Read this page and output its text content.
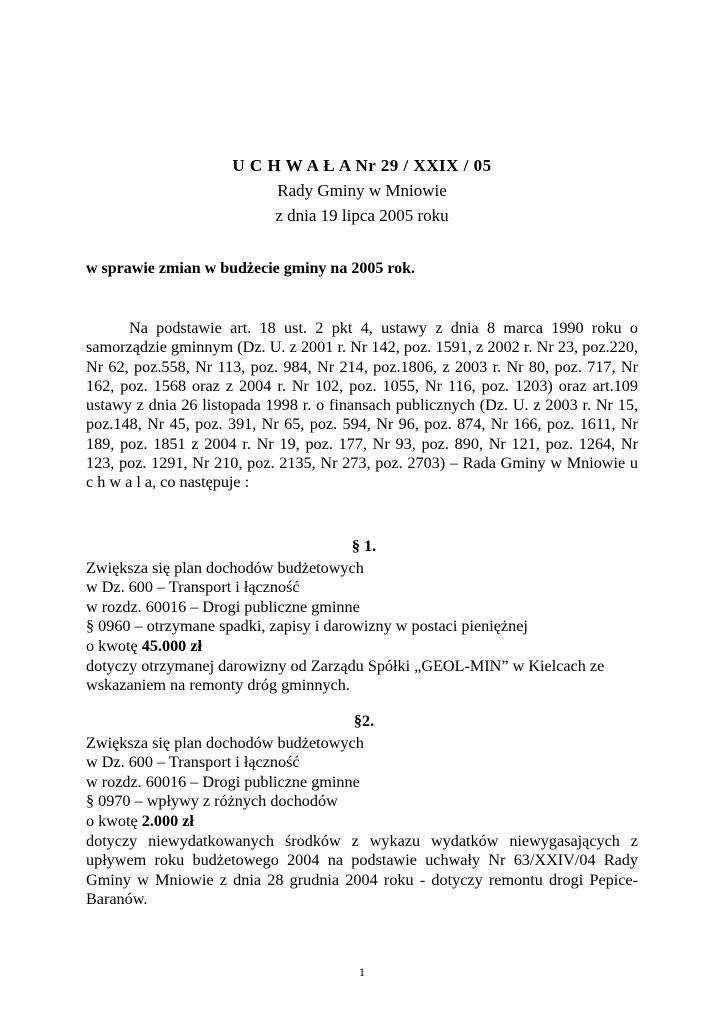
U C H W A Ł A Nr 29 / XXIX / 05
Rady Gminy w Mniowie
z dnia 19 lipca 2005 roku
w sprawie zmian w budżecie gminy na 2005 rok.
Na podstawie art. 18 ust. 2 pkt 4, ustawy z dnia 8 marca 1990 roku o samorządzie gminnym (Dz. U. z 2001 r. Nr 142, poz. 1591, z 2002 r. Nr 23, poz.220, Nr 62, poz.558, Nr 113, poz. 984, Nr 214, poz.1806, z 2003 r. Nr 80, poz. 717, Nr 162, poz. 1568 oraz z 2004 r. Nr 102, poz. 1055, Nr 116, poz. 1203) oraz art.109 ustawy z dnia 26 listopada 1998 r. o finansach publicznych (Dz. U. z 2003 r. Nr 15, poz.148, Nr 45, poz. 391, Nr 65, poz. 594, Nr 96, poz. 874, Nr 166, poz. 1611, Nr 189, poz. 1851 z 2004 r. Nr 19, poz. 177, Nr 93, poz. 890, Nr 121, poz. 1264, Nr 123, poz. 1291, Nr 210, poz. 2135, Nr 273, poz. 2703) – Rada Gminy w Mniowie u c h w a l a, co następuje :
§ 1.
Zwiększa się plan dochodów budżetowych
w Dz. 600 – Transport i łączność
w rozdz. 60016 – Drogi publiczne gminne
§ 0960 – otrzymane spadki, zapisy i darowizny w postaci pieniężnej
o kwotę 45.000 zł
dotyczy otrzymanej darowizny od Zarządu Spółki „GEOL-MIN” w Kielcach ze wskazaniem na remonty dróg gminnych.
§2.
Zwiększa się plan dochodów budżetowych
w Dz. 600 – Transport i łączność
w rozdz. 60016 – Drogi publiczne gminne
§ 0970 – wpływy z różnych dochodów
o kwotę 2.000 zł
dotyczy niewydatkowanych środków z wykazu wydatków niewygasających z upływem roku budżetowego 2004 na podstawie uchwały Nr 63/XXIV/04 Rady Gminy w Mniowie z dnia 28 grudnia 2004 roku - dotyczy remontu drogi Pepice-Baranów.
1
